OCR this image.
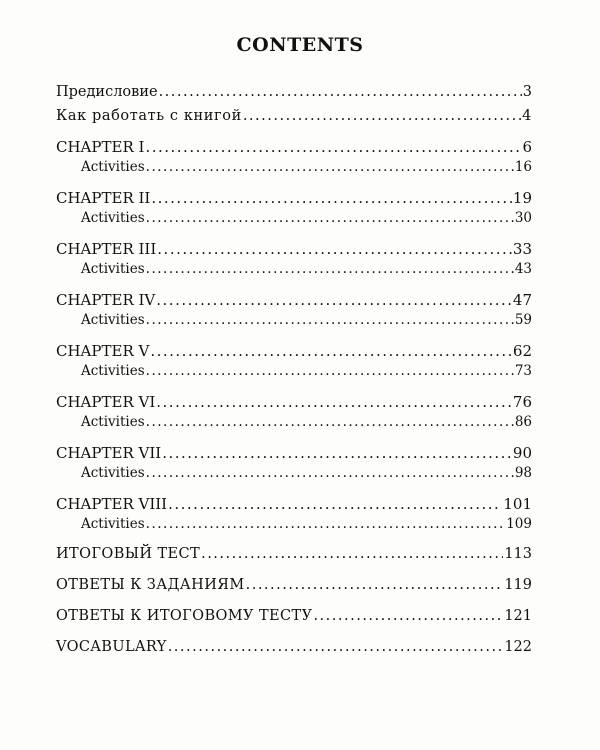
CONTENTS
Предисловие .....	3
Как работать с книгой .....	4
CHAPTER I .....	6
Activities .....	16
CHAPTER II .....	19
Activities .....	30
CHAPTER III .....	33
Activities .....	43
CHAPTER IV .....	47
Activities .....	59
CHAPTER V .....	62
Activities .....	73
CHAPTER VI .....	76
Activities .....	86
CHAPTER VII .....	90
Activities .....	98
CHAPTER VIII .....	101
Activities .....	109
ИТОГОВЫЙ ТЕСТ .....	113
ОТВЕТЫ К ЗАДАНИЯМ .....	119
ОТВЕТЫ К ИТОГОВОМУ ТЕСТУ .....	121
VOCABULARY .....	122
